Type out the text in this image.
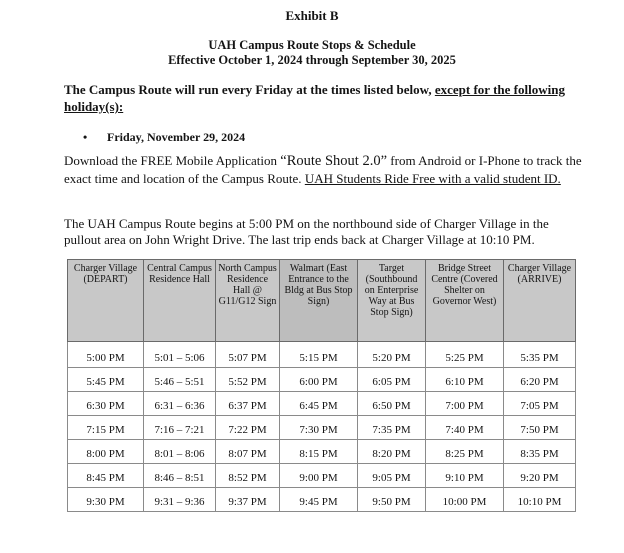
Exhibit B
UAH Campus Route Stops & Schedule
Effective October 1, 2024 through September 30, 2025
The Campus Route will run every Friday at the times listed below, except for the following holiday(s):
• Friday, November 29, 2024
Download the FREE Mobile Application “Route Shout 2.0” from Android or I-Phone to track the exact time and location of the Campus Route. UAH Students Ride Free with a valid student ID.
The UAH Campus Route begins at 5:00 PM on the northbound side of Charger Village in the pullout area on John Wright Drive. The last trip ends back at Charger Village at 10:10 PM.
Charger Village (DEPART)	Central Campus Residence Hall	North Campus Residence Hall @ G11/G12 Sign	Walmart (East Entrance to the Bldg at Bus Stop Sign)	Target (Southbound on Enterprise Way at Bus Stop Sign)	Bridge Street Centre (Covered Shelter on Governor West)	Charger Village (ARRIVE)
5:00 PM	5:01 – 5:06	5:07 PM	5:15 PM	5:20 PM	5:25 PM	5:35 PM
5:45 PM	5:46 – 5:51	5:52 PM	6:00 PM	6:05 PM	6:10 PM	6:20 PM
6:30 PM	6:31 – 6:36	6:37 PM	6:45 PM	6:50 PM	7:00 PM	7:05 PM
7:15 PM	7:16 – 7:21	7:22 PM	7:30 PM	7:35 PM	7:40 PM	7:50 PM
8:00 PM	8:01 – 8:06	8:07 PM	8:15 PM	8:20 PM	8:25 PM	8:35 PM
8:45 PM	8:46 – 8:51	8:52 PM	9:00 PM	9:05 PM	9:10 PM	9:20 PM
9:30 PM	9:31 – 9:36	9:37 PM	9:45 PM	9:50 PM	10:00 PM	10:10 PM
